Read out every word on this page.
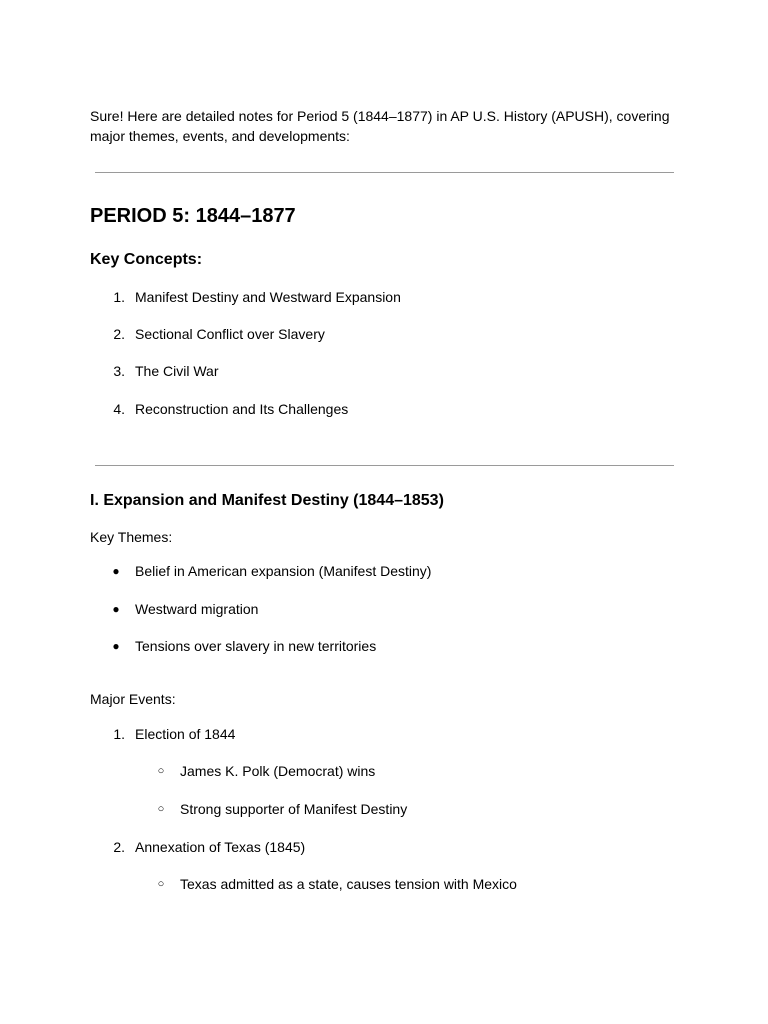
Sure! Here are detailed notes for Period 5 (1844–1877) in AP U.S. History (APUSH), covering major themes, events, and developments:

PERIOD 5: 1844–1877
Key Concepts:
1. Manifest Destiny and Westward Expansion
2. Sectional Conflict over Slavery
3. The Civil War
4. Reconstruction and Its Challenges
I. Expansion and Manifest Destiny (1844–1853)

Key Themes:

● Belief in American expansion (Manifest Destiny)
● Westward migration
● Tensions over slavery in new territories

Major Events:

1. Election of 1844
○ James K. Polk (Democrat) wins
○ Strong supporter of Manifest Destiny
2. Annexation of Texas (1845)
○ Texas admitted as a state, causes tension with Mexico
